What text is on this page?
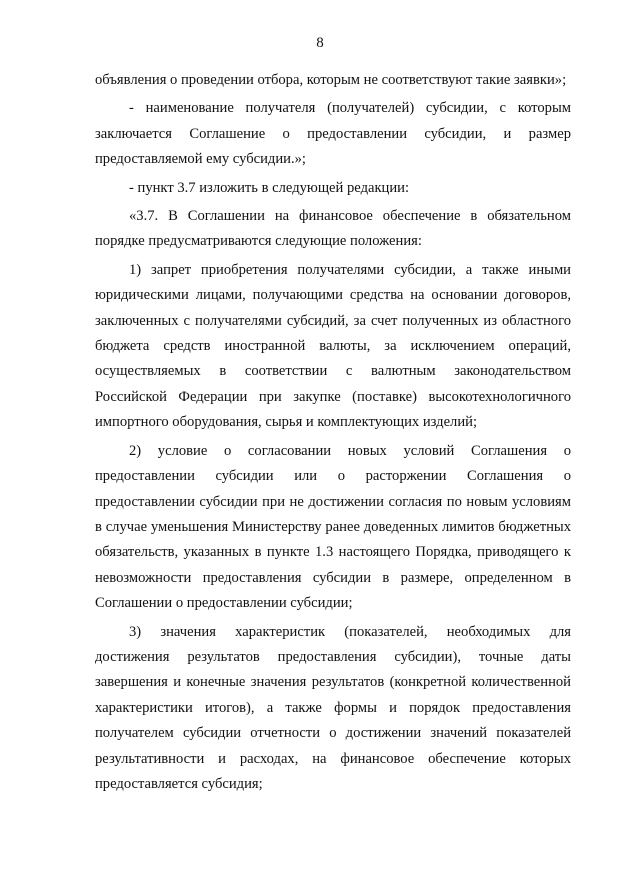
8

объявления о проведении отбора, которым не соответствуют такие заявки»;

- наименование получателя (получателей) субсидии, с которым заключается Соглашение о предоставлении субсидии, и размер предоставляемой ему субсидии.»;

- пункт 3.7 изложить в следующей редакции:

«3.7. В Соглашении на финансовое обеспечение в обязательном порядке предусматриваются следующие положения:

1) запрет приобретения получателями субсидии, а также иными юридическими лицами, получающими средства на основании договоров, заключенных с получателями субсидий, за счет полученных из областного бюджета средств иностранной валюты, за исключением операций, осуществляемых в соответствии с валютным законодательством Российской Федерации при закупке (поставке) высокотехнологичного импортного оборудования, сырья и комплектующих изделий;

2) условие о согласовании новых условий Соглашения о предоставлении субсидии или о расторжении Соглашения о предоставлении субсидии при не достижении согласия по новым условиям в случае уменьшения Министерству ранее доведенных лимитов бюджетных обязательств, указанных в пункте 1.3 настоящего Порядка, приводящего к невозможности предоставления субсидии в размере, определенном в Соглашении о предоставлении субсидии;

3) значения характеристик (показателей, необходимых для достижения результатов предоставления субсидии), точные даты завершения и конечные значения результатов (конкретной количественной характеристики итогов), а также формы и порядок предоставления получателем субсидии отчетности о достижении значений показателей результативности и расходах, на финансовое обеспечение которых предоставляется субсидия;
